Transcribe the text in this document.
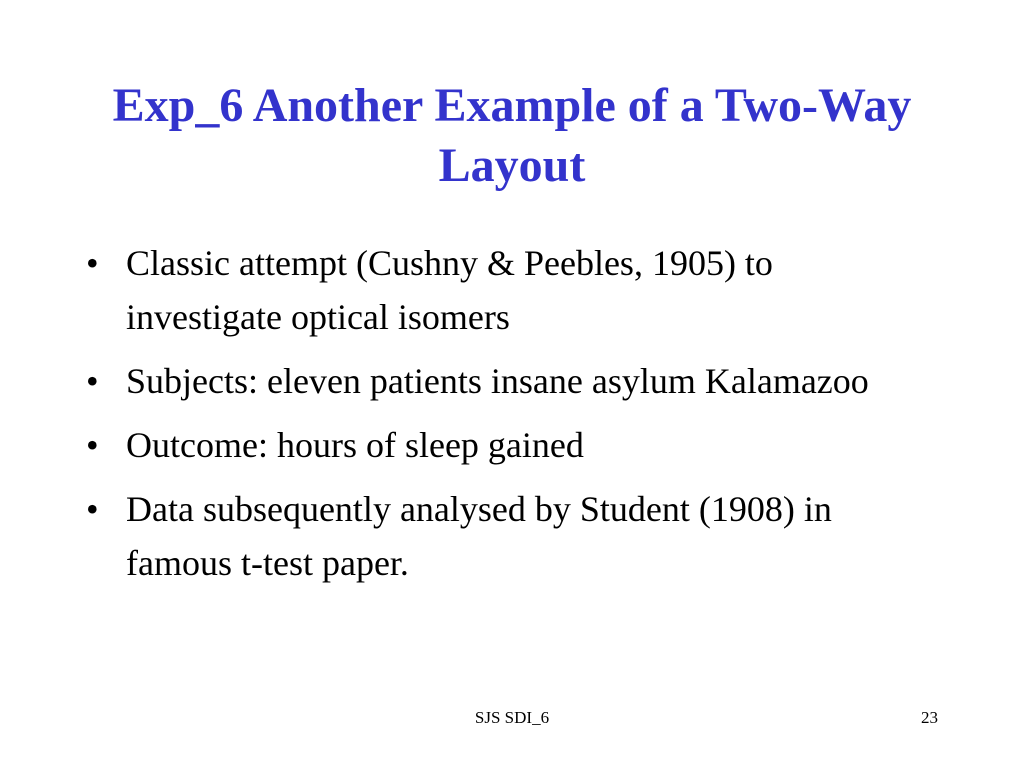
Exp_6 Another Example of a Two-Way Layout
• Classic attempt (Cushny & Peebles, 1905) to investigate optical isomers
• Subjects: eleven patients insane asylum Kalamazoo
• Outcome: hours of sleep gained
• Data subsequently analysed by Student (1908) in famous t-test paper.
SJS SDI_6	23
